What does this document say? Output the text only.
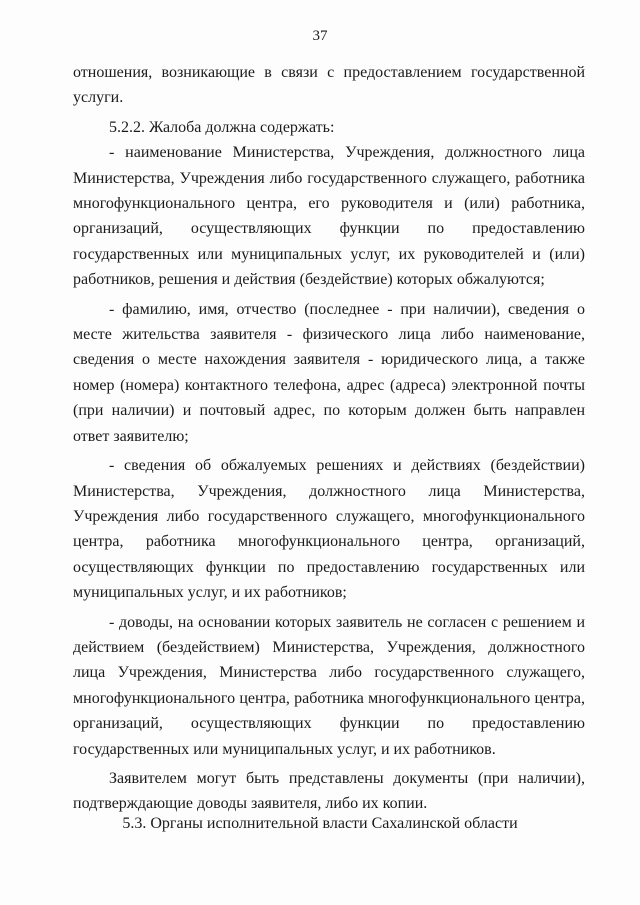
37

отношения, возникающие в связи с предоставлением государственной услуги.

5.2.2. Жалоба должна содержать:

- наименование Министерства, Учреждения, должностного лица Министерства, Учреждения либо государственного служащего, работника многофункционального центра, его руководителя и (или) работника, организаций, осуществляющих функции по предоставлению государственных или муниципальных услуг, их руководителей и (или) работников, решения и действия (бездействие) которых обжалуются;

- фамилию, имя, отчество (последнее - при наличии), сведения о месте жительства заявителя - физического лица либо наименование, сведения о месте нахождения заявителя - юридического лица, а также номер (номера) контактного телефона, адрес (адреса) электронной почты (при наличии) и почтовый адрес, по которым должен быть направлен ответ заявителю;

- сведения об обжалуемых решениях и действиях (бездействии) Министерства, Учреждения, должностного лица Министерства, Учреждения либо государственного служащего, многофункционального центра, работника многофункционального центра, организаций, осуществляющих функции по предоставлению государственных или муниципальных услуг, и их работников;

- доводы, на основании которых заявитель не согласен с решением и действием (бездействием) Министерства, Учреждения, должностного лица Учреждения, Министерства либо государственного служащего, многофункционального центра, работника многофункционального центра, организаций, осуществляющих функции по предоставлению государственных или муниципальных услуг, и их работников.

Заявителем могут быть представлены документы (при наличии), подтверждающие доводы заявителя, либо их копии.

5.3. Органы исполнительной власти Сахалинской области
